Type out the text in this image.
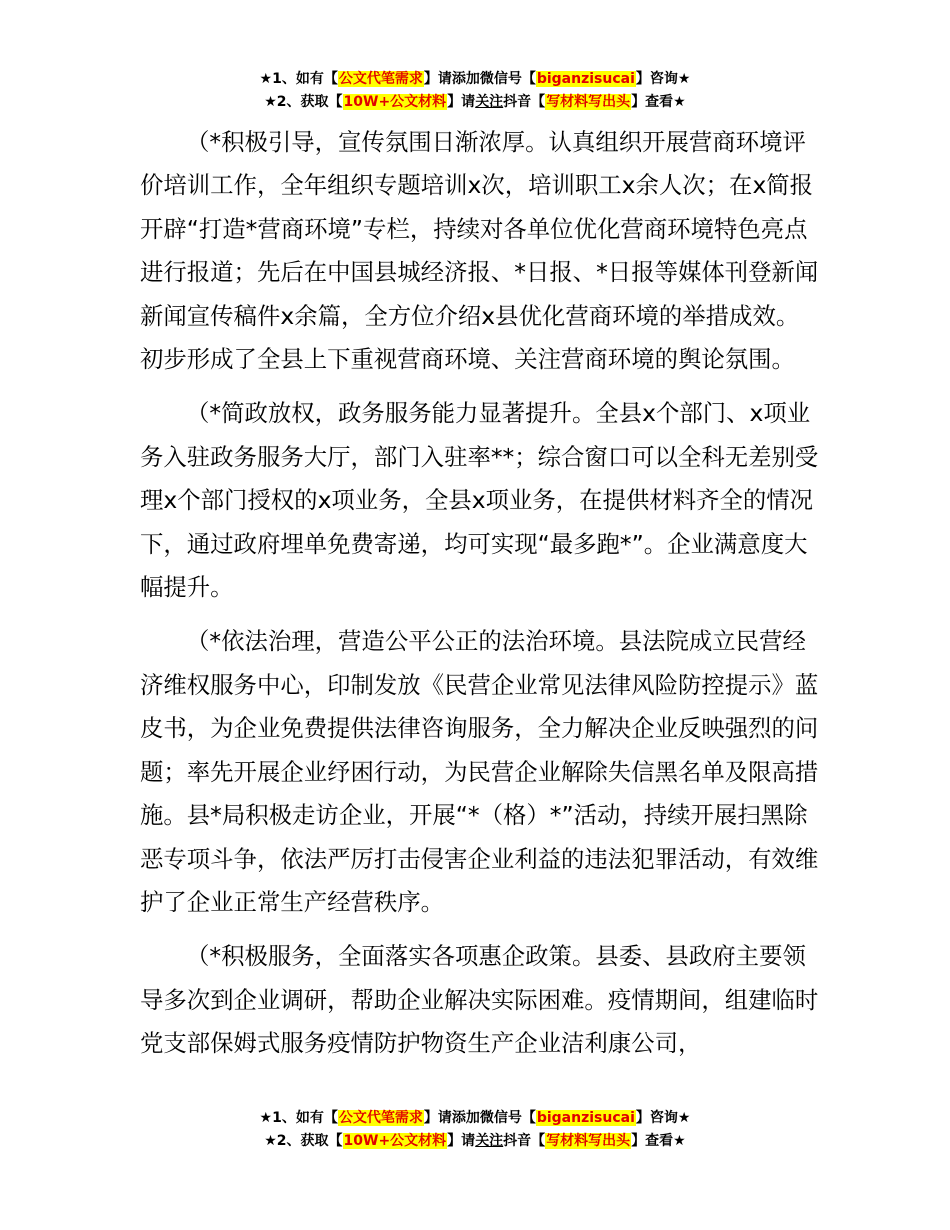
★1、如有【公文代笔需求】请添加微信号【biganzisucai】咨询★
★2、获取【10W+公文材料】请关注抖音【写材料写出头】查看★

（*积极引导，宣传氛围日渐浓厚。认真组织开展营商环境评价培训工作，全年组织专题培训x次，培训职工x余人次；在x简报开辟“打造*营商环境”专栏，持续对各单位优化营商环境特色亮点进行报道；先后在中国县城经济报、*日报、*日报等媒体刊登新闻新闻宣传稿件x余篇，全方位介绍x县优化营商环境的举措成效。初步形成了全县上下重视营商环境、关注营商环境的舆论氛围。

（*简政放权，政务服务能力显著提升。全县x个部门、x项业务入驻政务服务大厅，部门入驻率**；综合窗口可以全科无差别受理x个部门授权的x项业务，全县x项业务，在提供材料齐全的情况下，通过政府埋单免费寄递，均可实现“最多跑*”。企业满意度大幅提升。

（*依法治理，营造公平公正的法治环境。县法院成立民营经济维权服务中心，印制发放《民营企业常见法律风险防控提示》蓝皮书，为企业免费提供法律咨询服务，全力解决企业反映强烈的问题；率先开展企业纾困行动，为民营企业解除失信黑名单及限高措施。县*局积极走访企业，开展“*（格）*”活动，持续开展扫黑除恶专项斗争，依法严厉打击侵害企业利益的违法犯罪活动，有效维护了企业正常生产经营秩序。

（*积极服务，全面落实各项惠企政策。县委、县政府主要领导多次到企业调研，帮助企业解决实际困难。疫情期间，组建临时党支部保姆式服务疫情防护物资生产企业洁利康公司，

★1、如有【公文代笔需求】请添加微信号【biganzisucai】咨询★
★2、获取【10W+公文材料】请关注抖音【写材料写出头】查看★
